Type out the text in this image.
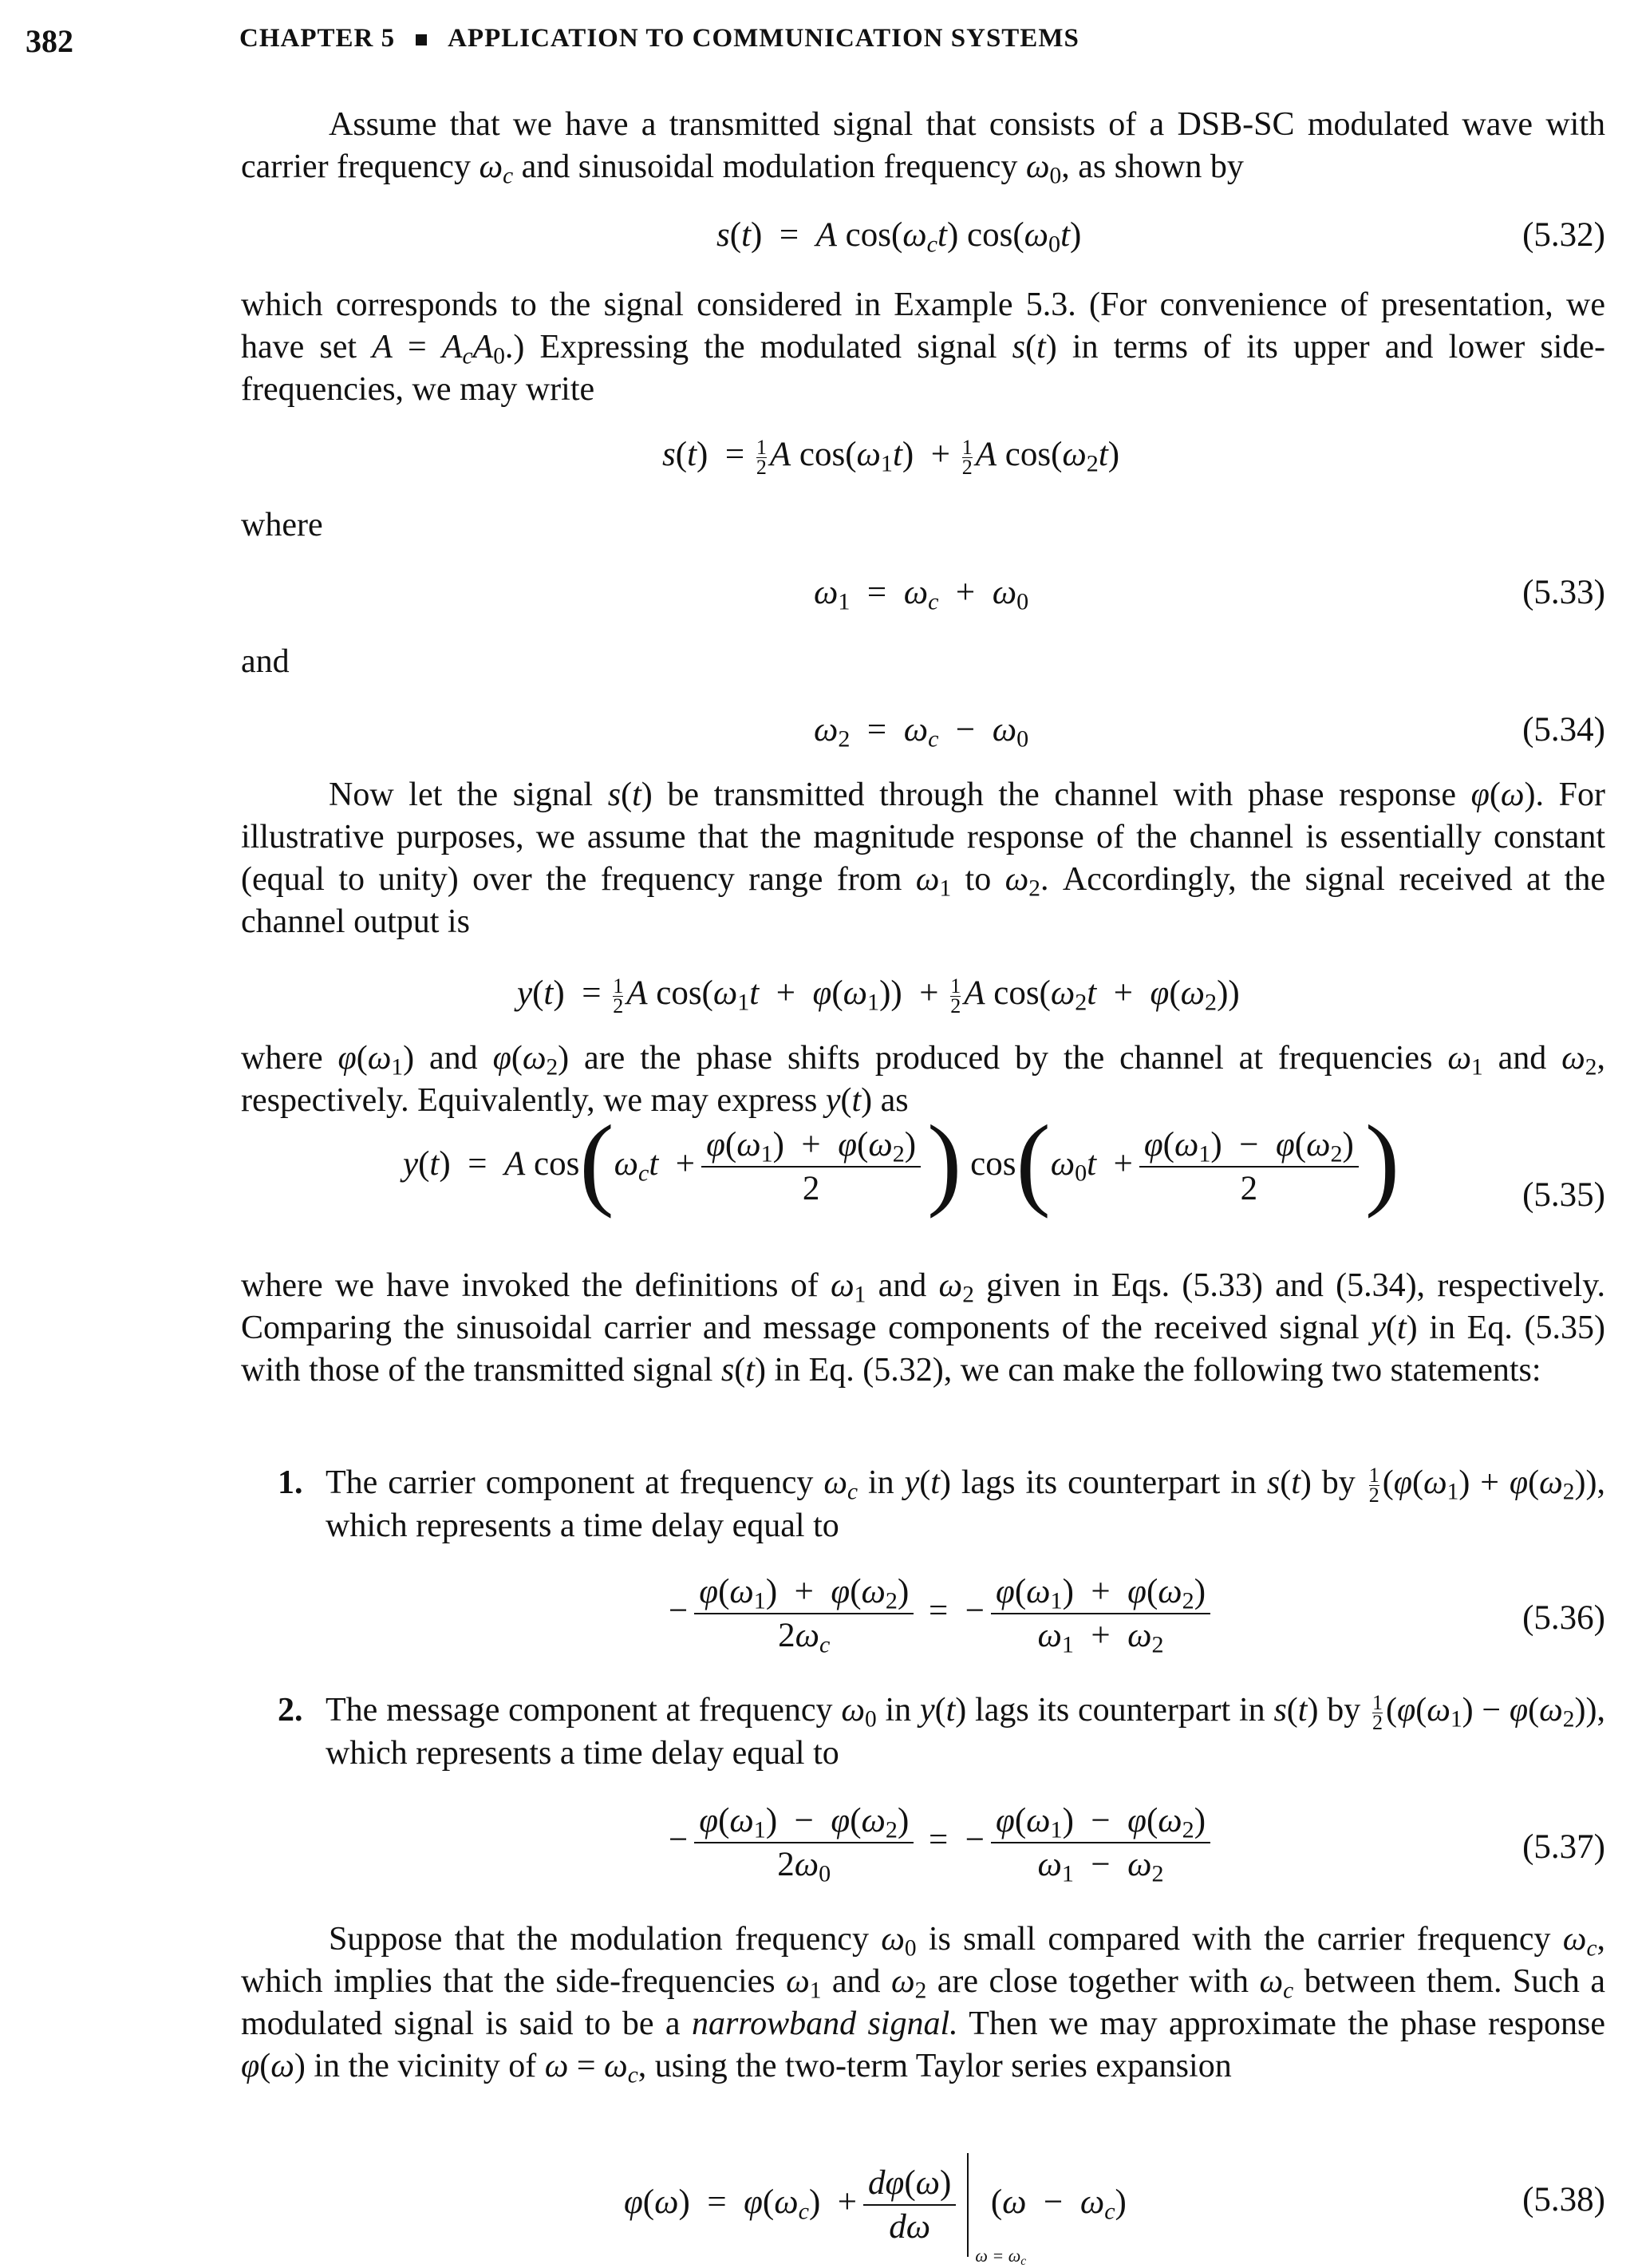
382	CHAPTER 5 APPLICATION TO COMMUNICATION SYSTEMS
Assume that we have a transmitted signal that consists of a DSB-SC modulated wave with carrier frequency $\omega_c$ and sinusoidal modulation frequency $\omega_0$, as shown by
s(t)  =  A $\cos(\omega_ct)$ $\cos(\omega_0t)$	(5.32)
which corresponds to the signal considered in Example 5.3. (For convenience of presentation, we have set $A = A_cA_0$.) Expressing the modulated signal s(t) in terms of its upper and lower side-frequencies, we may write
$s(t) = \frac{1}{2}$ A $\cos(\omega_1t) + \frac{1}{2}$ A $\cos(\omega_2t)$
where
$\omega_1 = \omega_c + \omega_0$	(5.33)
and
$\omega_2 = \omega_c - \omega_0$	(5.34)
Now let the signal s(t) be transmitted through the channel with phase response φ(ω). For illustrative purposes, we assume that the magnitude response of the channel is essentially constant (equal to unity) over the frequency range from $\omega_1$ to $\omega_2$. Accordingly, the signal received at the channel output is
$y(t) = \frac{1}{2}$ A $\cos(\omega_1t + \varphi(\omega_1)) + \frac{1}{2}$ A $\cos(\omega_2t + \varphi(\omega_2))$
where $\varphi(\omega_1)$ and $\varphi(\omega_2)$ are the phase shifts produced by the channel at frequencies $\omega_1$ and $\omega_2$, respectively. Equivalently, we may express y(t) as
y(t)  =  A $\cos(\omega_ct + \frac{\varphi(\omega_1) + \varphi(\omega_2)}{2}$ ) $\cos(\omega_0t + \frac{\varphi(\omega_1) - \varphi(\omega_2)}{2}$ )	(5.35)
where we have invoked the definitions of $\omega_1$ and $\omega_2$ given in Eqs. (5.33) and (5.34), respectively. Comparing the sinusoidal carrier and message components of the received signal y(t) in Eq. (5.35) with those of the transmitted signal s(t) in Eq. (5.32), we can make the following two statements:
1. The carrier component at frequency $\omega_c$ in y(t) lags its counterpart in s(t) by $\frac{1}{2} (\varphi(\omega_1) + \varphi(\omega_2))$, which represents a time delay equal to
− $\frac{\varphi(\omega_1) + \varphi(\omega_2)}{2\omega_c}$ =  − $\frac{\varphi(\omega_1) + \varphi(\omega_2)}{\omega_1 + \omega_2}$	(5.36)
2. The message component at frequency $\omega_0$ in y(t) lags its counterpart in s(t) by $\frac{1}{2} (\varphi(\omega_1) - \varphi(\omega_2))$, which represents a time delay equal to
− $\frac{\varphi(\omega_1) - \varphi(\omega_2)}{2\omega_0}$ =  − $\frac{\varphi(\omega_1) - \varphi(\omega_2)}{\omega_1 - \omega_2}$	(5.37)
Suppose that the modulation frequency $\omega_0$ is small compared with the carrier frequency $\omega_c$, which implies that the side-frequencies $\omega_1$ and $\omega_2$ are close together with $\omega_c$ between them. Such a modulated signal is said to be a narrowband signal. Then we may approximate the phase response φ(ω) in the vicinity of $\omega = \omega_c$, using the two-term Taylor series expansion
$\varphi(\omega) = \varphi(\omega_c) + \frac{d\varphi(\omega)}{d\omega}$
$\omega = \omega_c$
$(\omega - \omega_c)$	(5.38)
